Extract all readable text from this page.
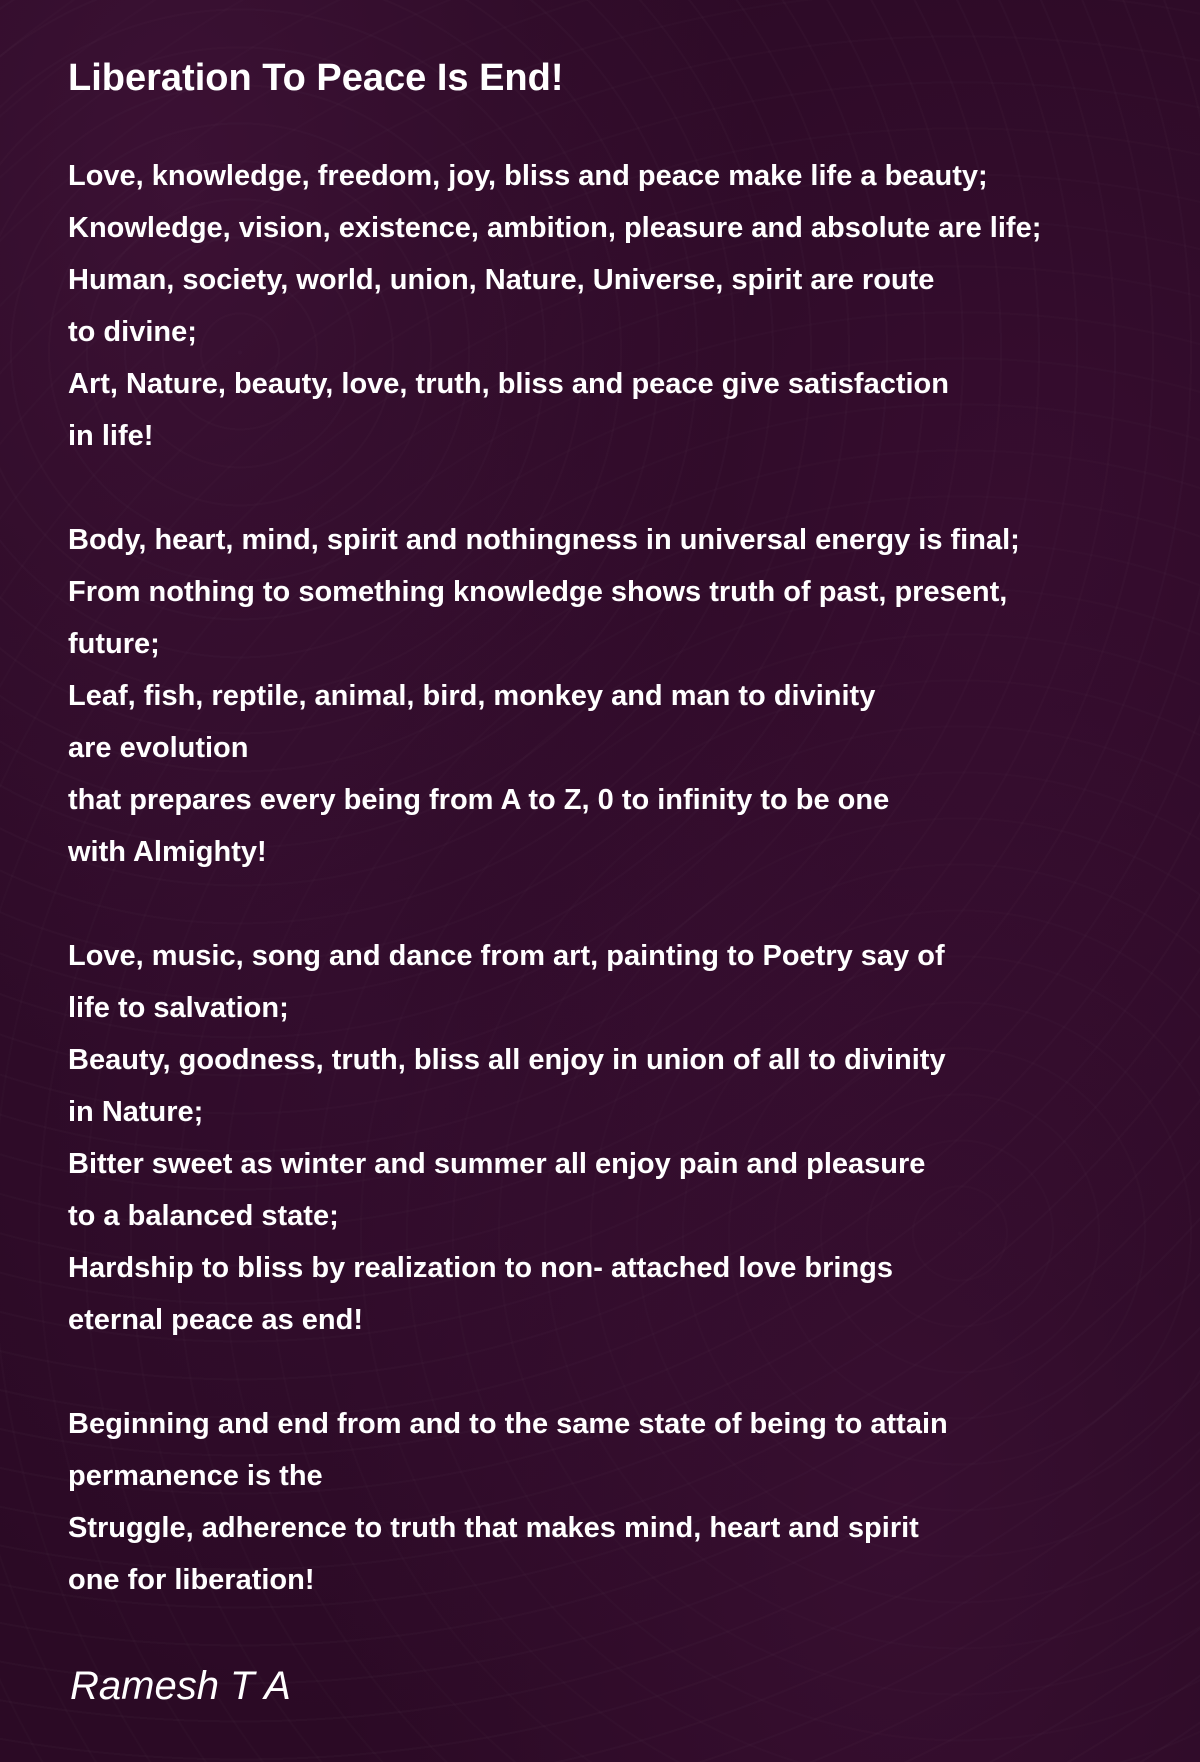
Liberation To Peace Is End!
Love, knowledge, freedom, joy, bliss and peace make life a beauty;
Knowledge, vision, existence, ambition, pleasure and absolute are life;
Human, society, world, union, Nature, Universe, spirit are route
to divine;
Art, Nature, beauty, love, truth, bliss and peace give satisfaction
in life!
Body, heart, mind, spirit and nothingness in universal energy is final;
From nothing to something knowledge shows truth of past, present,
future;
Leaf, fish, reptile, animal, bird, monkey and man to divinity
are evolution
that prepares every being from A to Z, 0 to infinity to be one
with Almighty!
Love, music, song and dance from art, painting to Poetry say of
life to salvation;
Beauty, goodness, truth, bliss all enjoy in union of all to divinity
in Nature;
Bitter sweet as winter and summer all enjoy pain and pleasure
to a balanced state;
Hardship to bliss by realization to non- attached love brings
eternal peace as end!
Beginning and end from and to the same state of being to attain
permanence is the
Struggle, adherence to truth that makes mind, heart and spirit
one for liberation!
Ramesh T A
